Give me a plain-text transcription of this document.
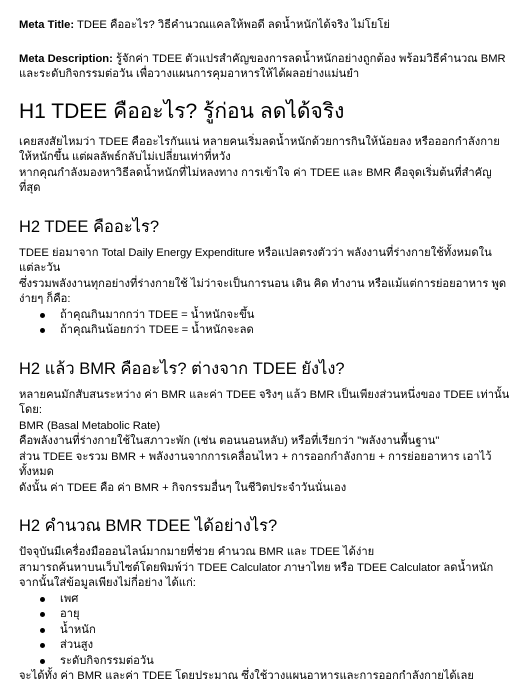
Meta Title: TDEE คืออะไร? วิธีคำนวณแคลให้พอดี ลดน้ำหนักได้จริง ไม่โยโย่

Meta Description: รู้จักค่า TDEE ตัวแปรสำคัญของการลดน้ำหนักอย่างถูกต้อง พร้อมวิธีคำนวณ BMR และระดับกิจกรรมต่อวัน เพื่อวางแผนการคุมอาหารให้ได้ผลอย่างแม่นยำ

H1 TDEE คืออะไร? รู้ก่อน ลดได้จริง

เคยสงสัยไหมว่า TDEE คืออะไรกันแน่ หลายคนเริ่มลดน้ำหนักด้วยการกินให้น้อยลง หรือออกกำลังกายให้หนักขึ้น แต่ผลลัพธ์กลับไม่เปลี่ยนเท่าที่หวัง

หากคุณกำลังมองหาวิธีลดน้ำหนักที่ไม่หลงทาง การเข้าใจ ค่า TDEE และ BMR คือจุดเริ่มต้นที่สำคัญที่สุด

H2 TDEE คืออะไร?

TDEE ย่อมาจาก Total Daily Energy Expenditure หรือแปลตรงตัวว่า พลังงานที่ร่างกายใช้ทั้งหมดในแต่ละวัน

ซึ่งรวมพลังงานทุกอย่างที่ร่างกายใช้ ไม่ว่าจะเป็นการนอน เดิน คิด ทำงาน หรือแม้แต่การย่อยอาหาร พูดง่ายๆ ก็คือ:

ถ้าคุณกินมากกว่า TDEE = น้ำหนักจะขึ้น
ถ้าคุณกินน้อยกว่า TDEE = น้ำหนักจะลด
H2 แล้ว BMR คืออะไร? ต่างจาก TDEE ยังไง?

หลายคนมักสับสนระหว่าง ค่า BMR และค่า TDEE จริงๆ แล้ว BMR เป็นเพียงส่วนหนึ่งของ TDEE เท่านั้น โดย:

BMR (Basal Metabolic Rate)

คือพลังงานที่ร่างกายใช้ในสภาวะพัก (เช่น ตอนนอนหลับ) หรือที่เรียกว่า "พลังงานพื้นฐาน"

ส่วน TDEE จะรวม BMR + พลังงานจากการเคลื่อนไหว + การออกกำลังกาย + การย่อยอาหาร เอาไว้ทั้งหมด

ดังนั้น ค่า TDEE คือ ค่า BMR + กิจกรรมอื่นๆ ในชีวิตประจำวันนั่นเอง

H2 คำนวณ BMR TDEE ได้อย่างไร?

ปัจจุบันมีเครื่องมือออนไลน์มากมายที่ช่วย คำนวณ BMR และ TDEE ได้ง่าย

สามารถค้นหาบนเว็บไซต์โดยพิมพ์ว่า TDEE Calculator ภาษาไทย หรือ TDEE Calculator ลดน้ำหนัก จากนั้นใส่ข้อมูลเพียงไม่กี่อย่าง ได้แก่:

เพศ
อายุ
น้ำหนัก
ส่วนสูง
ระดับกิจกรรมต่อวัน

จะได้ทั้ง ค่า BMR และค่า TDEE โดยประมาณ ซึ่งใช้วางแผนอาหารและการออกกำลังกายได้เลย
